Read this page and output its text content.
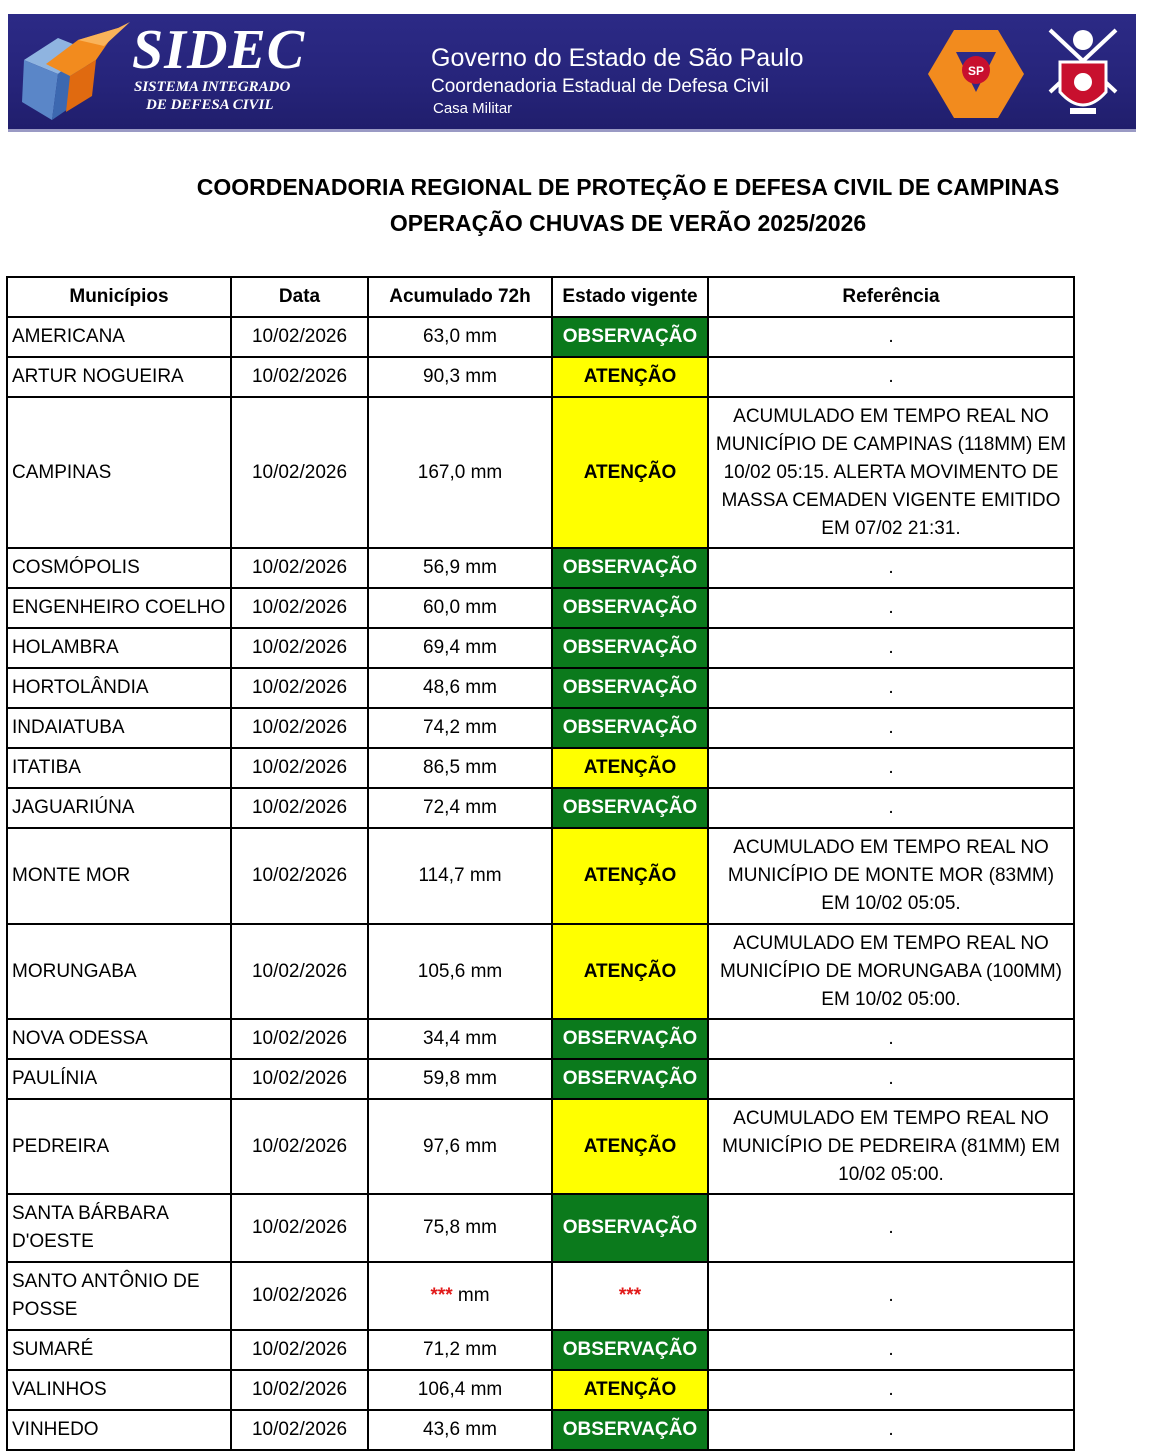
SIDEC
SISTEMA INTEGRADO
DE DEFESA CIVIL
Governo do Estado de São Paulo
Coordenadoria Estadual de Defesa Civil
Casa Militar
SP
COORDENADORIA REGIONAL DE PROTEÇÃO E DEFESA CIVIL DE CAMPINAS
OPERAÇÃO CHUVAS DE VERÃO 2025/2026
Municípios	Data	Acumulado 72h	Estado vigente	Referência
AMERICANA	10/02/2026	63,0 mm	OBSERVAÇÃO	.
ARTUR NOGUEIRA	10/02/2026	90,3 mm	ATENÇÃO	.
CAMPINAS	10/02/2026	167,0 mm	ATENÇÃO	ACUMULADO EM TEMPO REAL NO MUNICÍPIO DE CAMPINAS (118MM) EM 10/02 05:15. ALERTA MOVIMENTO DE MASSA CEMADEN VIGENTE EMITIDO EM 07/02 21:31.
COSMÓPOLIS	10/02/2026	56,9 mm	OBSERVAÇÃO	.
ENGENHEIRO COELHO	10/02/2026	60,0 mm	OBSERVAÇÃO	.
HOLAMBRA	10/02/2026	69,4 mm	OBSERVAÇÃO	.
HORTOLÂNDIA	10/02/2026	48,6 mm	OBSERVAÇÃO	.
INDAIATUBA	10/02/2026	74,2 mm	OBSERVAÇÃO	.
ITATIBA	10/02/2026	86,5 mm	ATENÇÃO	.
JAGUARIÚNA	10/02/2026	72,4 mm	OBSERVAÇÃO	.
MONTE MOR	10/02/2026	114,7 mm	ATENÇÃO	ACUMULADO EM TEMPO REAL NO MUNICÍPIO DE MONTE MOR (83MM) EM 10/02 05:05.
MORUNGABA	10/02/2026	105,6 mm	ATENÇÃO	ACUMULADO EM TEMPO REAL NO MUNICÍPIO DE MORUNGABA (100MM) EM 10/02 05:00.
NOVA ODESSA	10/02/2026	34,4 mm	OBSERVAÇÃO	.
PAULÍNIA	10/02/2026	59,8 mm	OBSERVAÇÃO	.
PEDREIRA	10/02/2026	97,6 mm	ATENÇÃO	ACUMULADO EM TEMPO REAL NO MUNICÍPIO DE PEDREIRA (81MM) EM 10/02 05:00.
SANTA BÁRBARA D'OESTE	10/02/2026	75,8 mm	OBSERVAÇÃO	.
SANTO ANTÔNIO DE POSSE	10/02/2026	*** mm	***	.
SUMARÉ	10/02/2026	71,2 mm	OBSERVAÇÃO	.
VALINHOS	10/02/2026	106,4 mm	ATENÇÃO	.
VINHEDO	10/02/2026	43,6 mm	OBSERVAÇÃO	.
